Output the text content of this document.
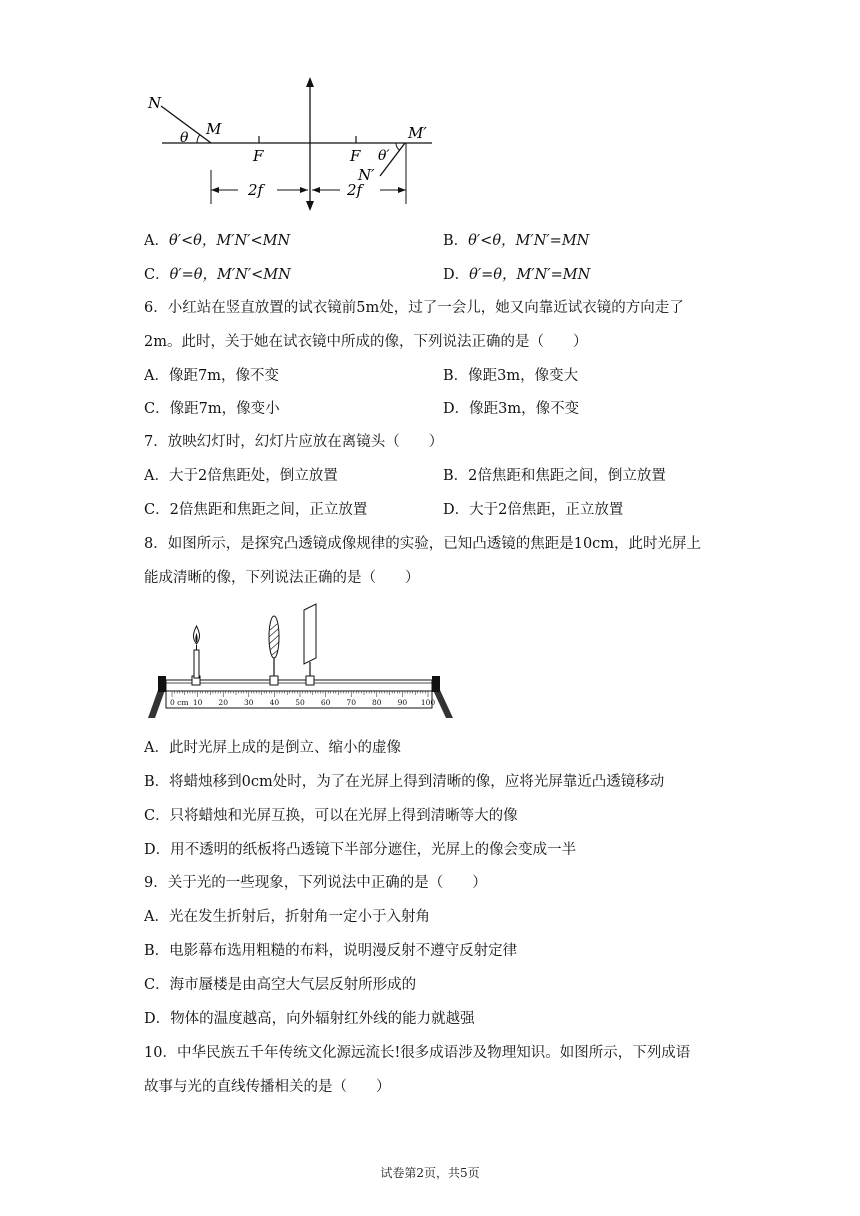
N
θ M
F	F θ′
M′
N′
2f	2f
A．θ′<θ，M′N′<MN	B．θ′<θ，M′N′=MN
C．θ′=θ，M′N′<MN	D．θ′=θ，M′N′=MN
6．小红站在竖直放置的试衣镜前5m处，过了一会儿，她又向靠近试衣镜的方向走了
2m。此时，关于她在试衣镜中所成的像，下列说法正确的是（　　）
A．像距7m，像不变	B．像距3m，像变大
C．像距7m，像变小	D．像距3m，像不变
7．放映幻灯时，幻灯片应放在离镜头（　　）
A．大于2倍焦距处，倒立放置	B．2倍焦距和焦距之间，倒立放置
C．2倍焦距和焦距之间，正立放置	D．大于2倍焦距，正立放置
8．如图所示，是探究凸透镜成像规律的实验，已知凸透镜的焦距是10cm，此时光屏上
能成清晰的像，下列说法正确的是（　　）
0 cm 10 20 30 40 50 60 70 80 90 100
A．此时光屏上成的是倒立、缩小的虚像
B．将蜡烛移到0cm处时，为了在光屏上得到清晰的像，应将光屏靠近凸透镜移动
C．只将蜡烛和光屏互换，可以在光屏上得到清晰等大的像
D．用不透明的纸板将凸透镜下半部分遮住，光屏上的像会变成一半
9．关于光的一些现象，下列说法中正确的是（　　）
A．光在发生折射后，折射角一定小于入射角
B．电影幕布选用粗糙的布料，说明漫反射不遵守反射定律
C．海市蜃楼是由高空大气层反射所形成的
D．物体的温度越高，向外辐射红外线的能力就越强
10．中华民族五千年传统文化源远流长!很多成语涉及物理知识。如图所示，下列成语
故事与光的直线传播相关的是（　　）
试卷第2页，共5页
